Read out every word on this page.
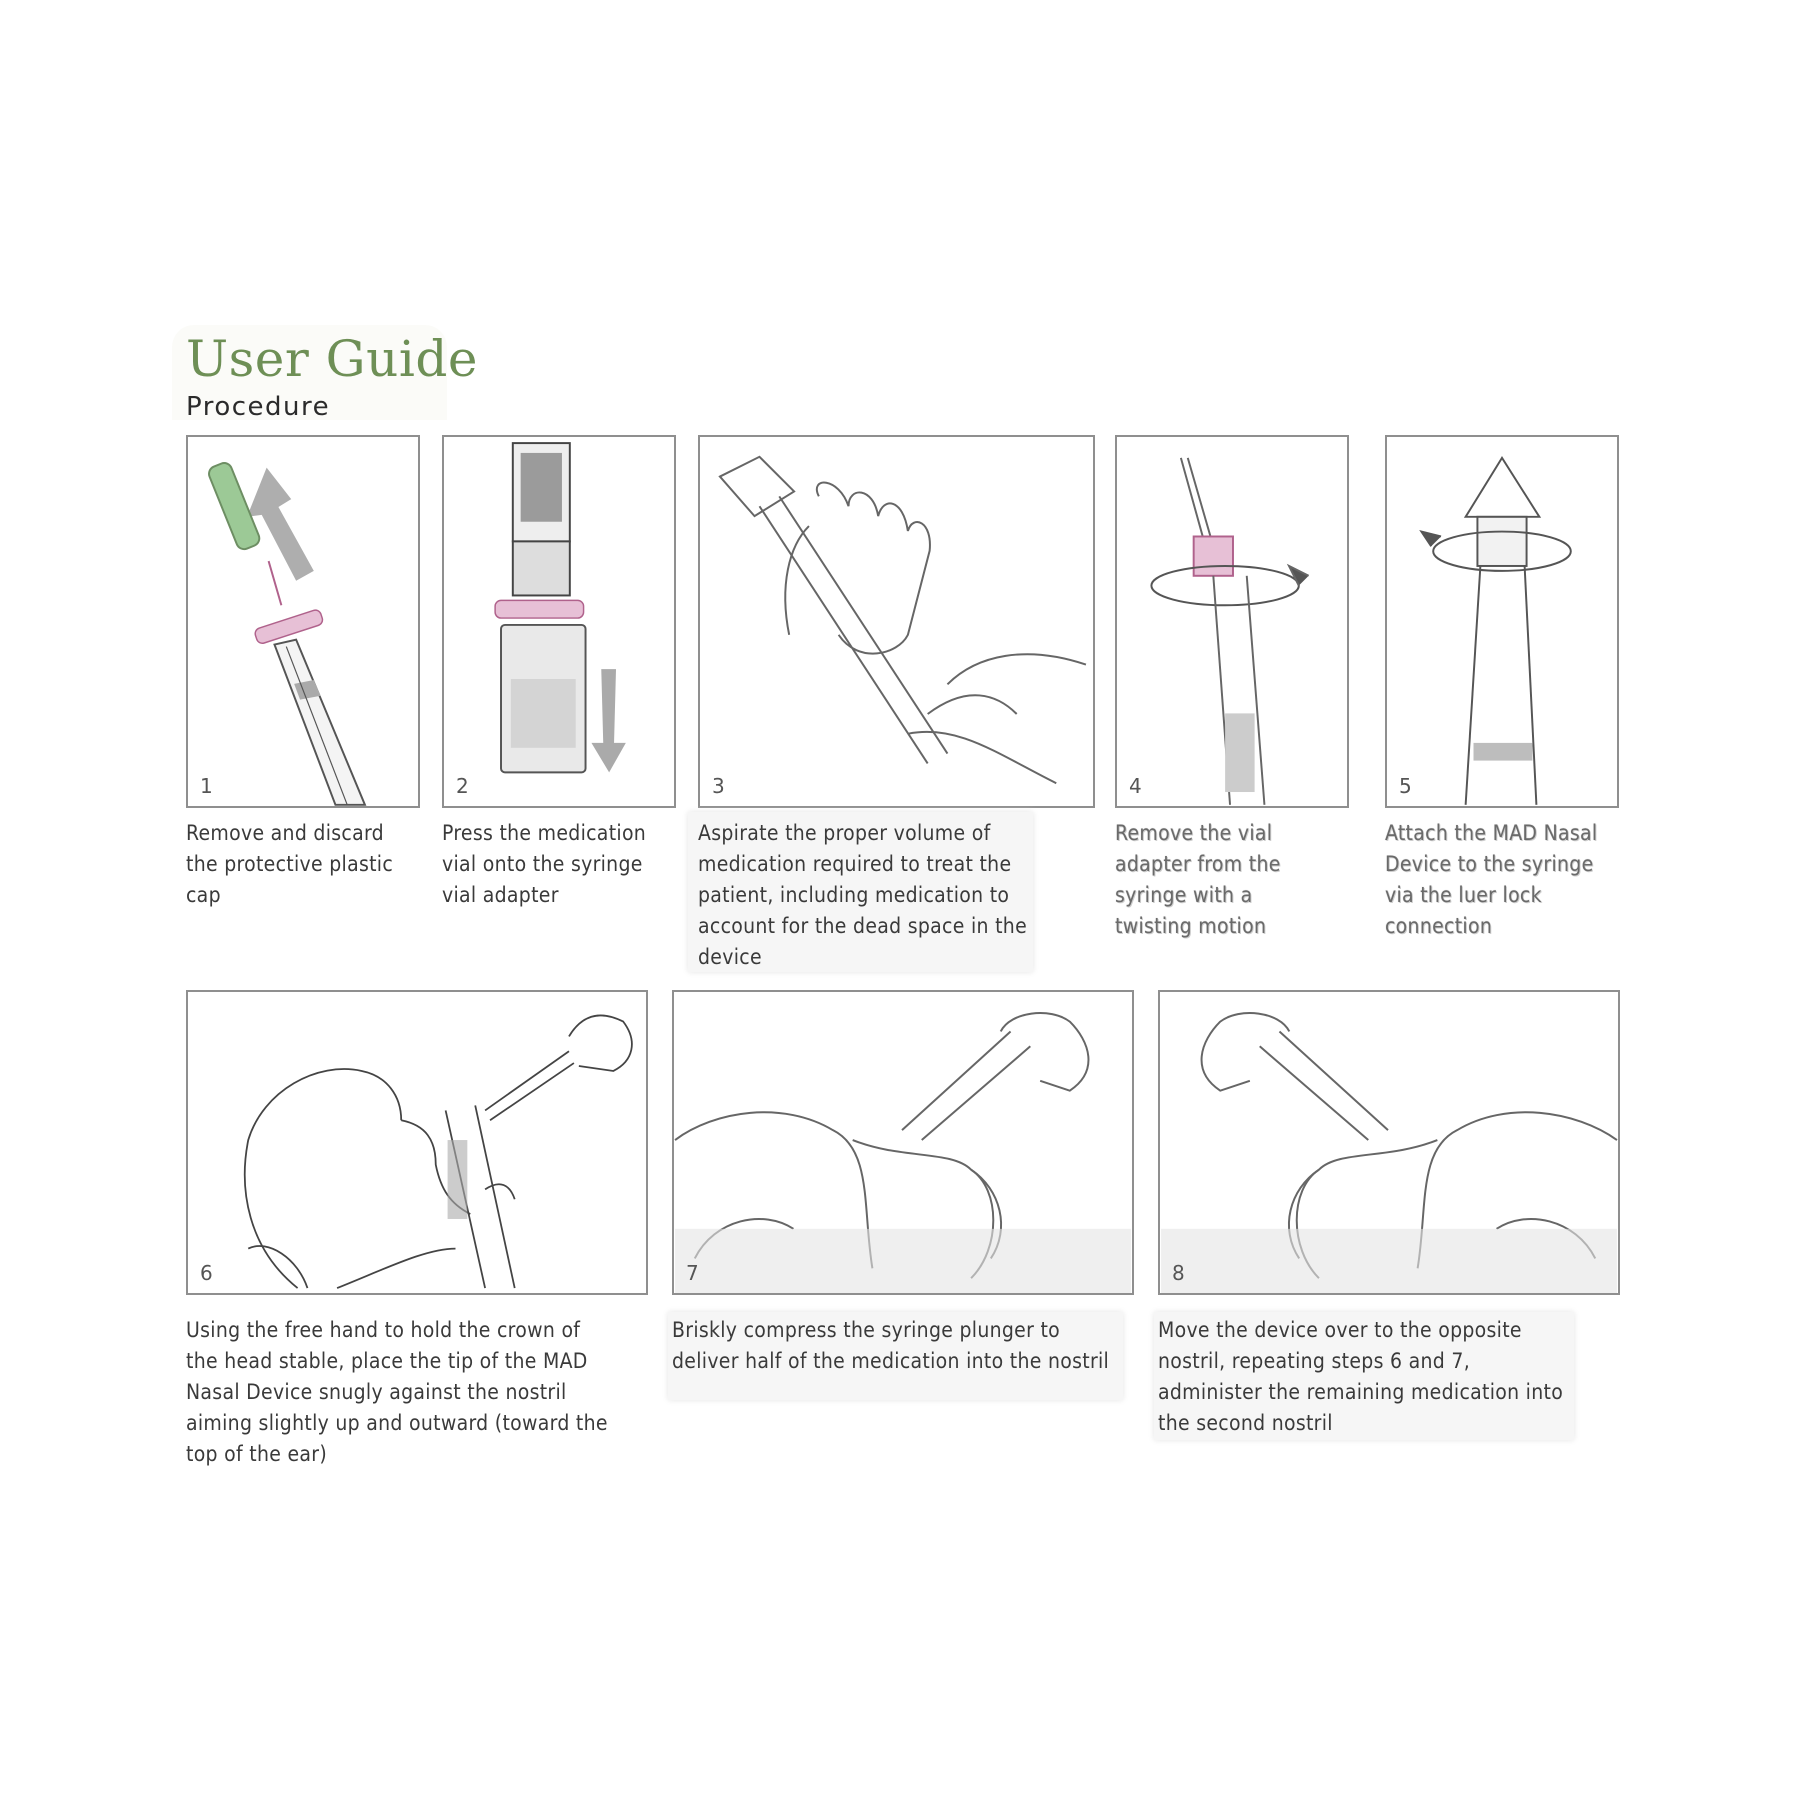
User Guide
Procedure
1	2	3	4	5
Remove and discard the protective plastic cap
Press the medication vial onto the syringe vial adapter
Aspirate the proper volume of medication required to treat the patient, including medication to account for the dead space in the device
Remove the vial adapter from the syringe with a twisting motion
Attach the MAD Nasal Device to the syringe via the luer lock connection
6	7	8
Using the free hand to hold the crown of the head stable, place the tip of the MAD Nasal Device snugly against the nostril aiming slightly up and outward (toward the top of the ear)
Briskly compress the syringe plunger to deliver half of the medication into the nostril
Move the device over to the opposite nostril, repeating steps 6 and 7, administer the remaining medication into the second nostril
